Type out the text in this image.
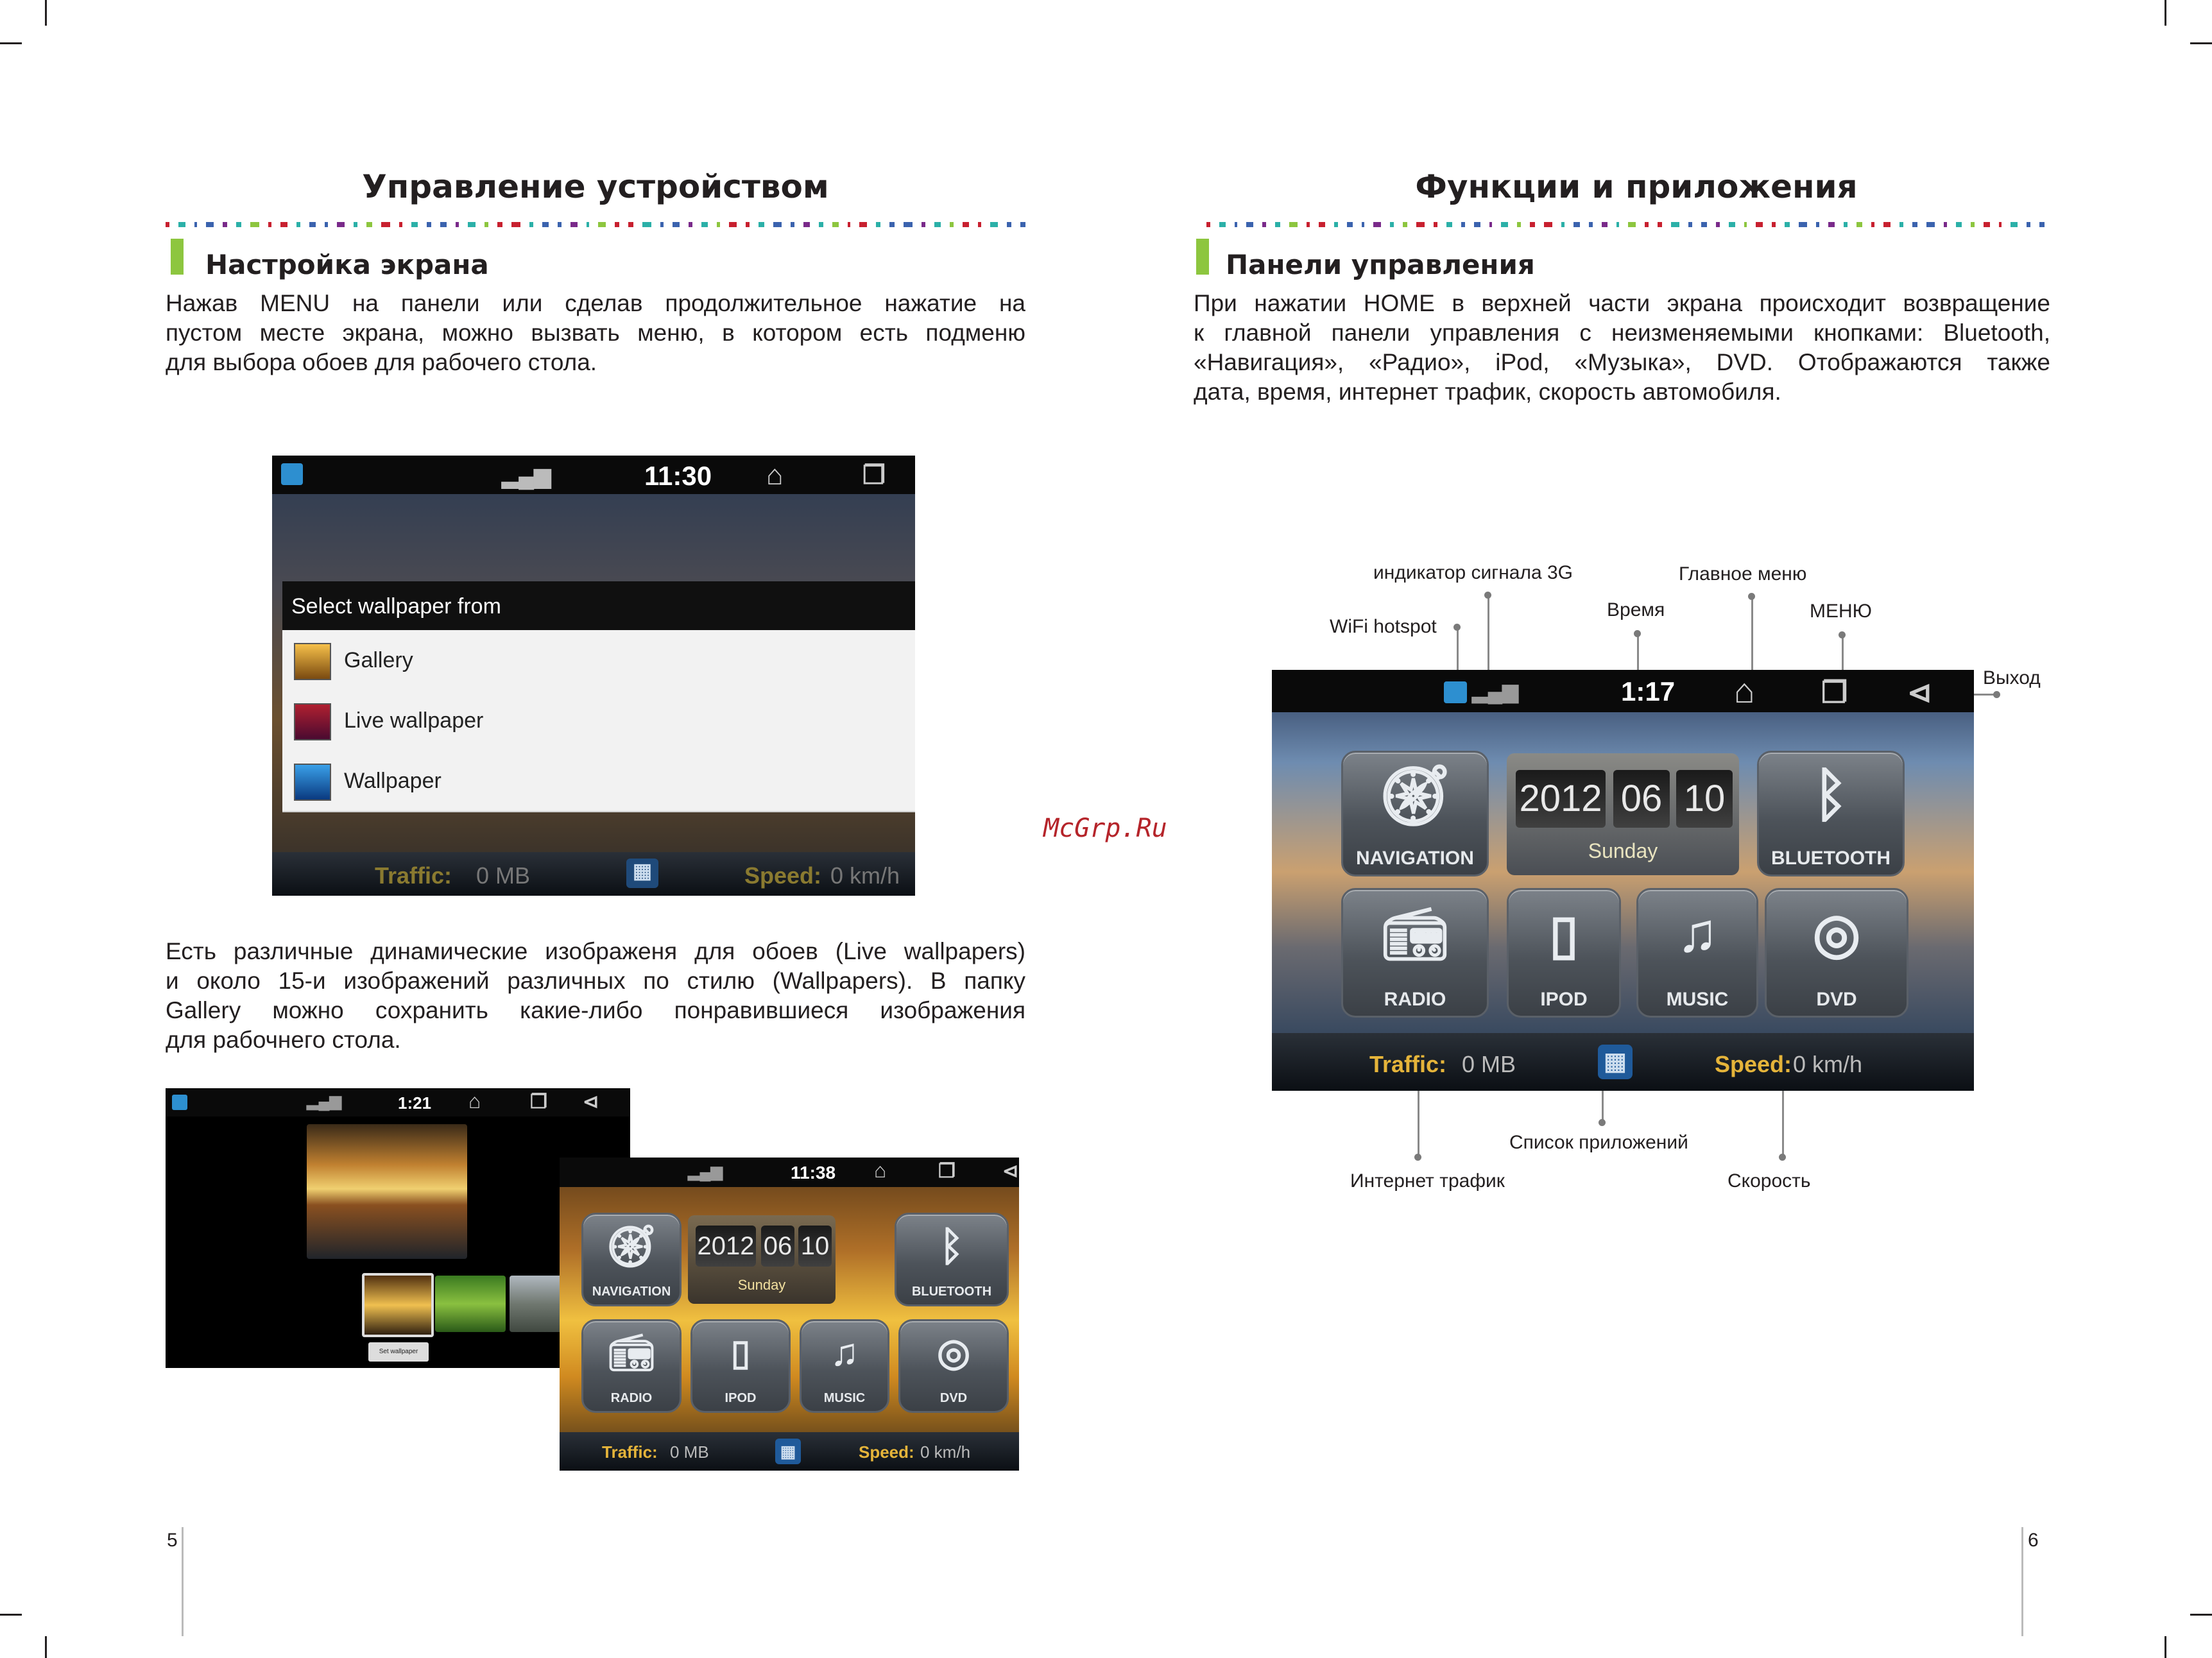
Управление устройством
Настройка экрана
Нажав MENU на панели или сделав продолжительное нажатие на
пустом месте экрана, можно вызвать меню, в котором есть подменю
для выбора обоев для рабочего стола.
▂▄▆	11:30 ⌂	❐
Select wallpaper from
Gallery
Live wallpaper
Wallpaper
Traffic: 0 MB	▦	Speed: 0 km/h
Есть различные динамические изображеня для обоев (Live wallpapers)
и около 15-и изображений различных по стилю (Wallpapers). В папку
Gallery можно сохранить какие-либо понравившиеся изображения
для рабочнего стола.
▂▄▆	1:21 ⌂	❐ ⊲
Set wallpaper
▂▄▆	11:38 ⌂	❐ ⊲
🧭︎
NAVIGATION
2012 06 10
Sunday
ᛒ
BLUETOOTH
📻︎
RADIO
▯
IPOD
♫
MUSIC
◎
DVD
Traffic: 0 MB	▦	Speed: 0 km/h
5
McGrp.Ru
Функции и приложения
Панели управления
При нажатии HOME в верхней части экрана происходит возвращение
к главной панели управления с неизменяемыми кнопками: Bluetooth,
«Навигация», «Радио», iPod, «Музыка», DVD. Отображаются также
дата, время, интернет трафик, скорость автомобиля.
индикатор сигнала 3G	Главное меню
Время	МЕНЮ
WiFi hotspot
Выход
Список приложений
Интернет трафик	Скорость
▂▄▆	1:17 ⌂ ❐ ⊲
🧭︎
NAVIGATION
2012 06 10
Sunday
ᛒ
BLUETOOTH
📻︎
RADIO
▯
IPOD
♫
MUSIC
◎
DVD
Traffic: 0 MB	▦	Speed: 0 km/h
6
